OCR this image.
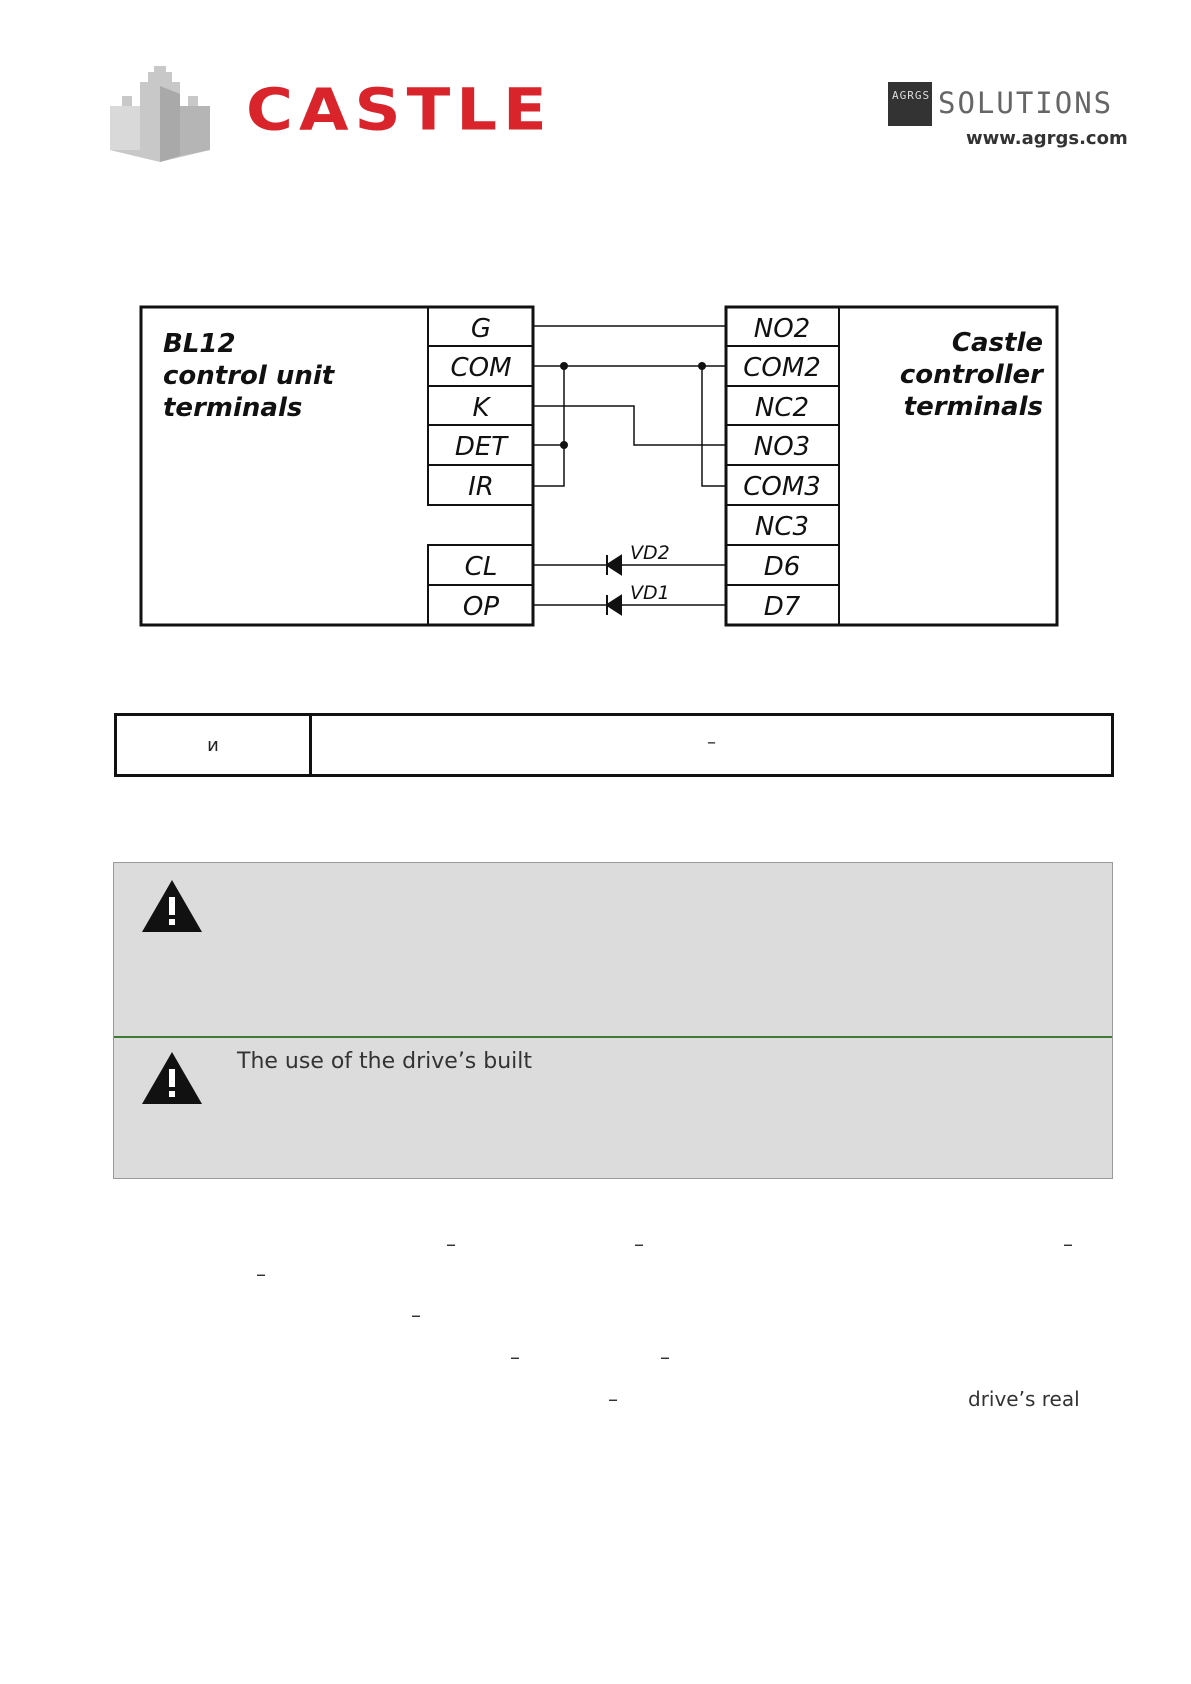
CASTLE	AGRGS SOLUTIONS
www.agrgs.com
BL12
control unit
terminals
Castle
controller
terminals
G
COM
K
DET
IR
CL
OP
NO2
COM2
NC2
NO3
COM3
NC3
D6
D7
VD2
VD1
и	–
The use of the drive’s built
–	–	–
–
–
–	–
–	drive’s real
